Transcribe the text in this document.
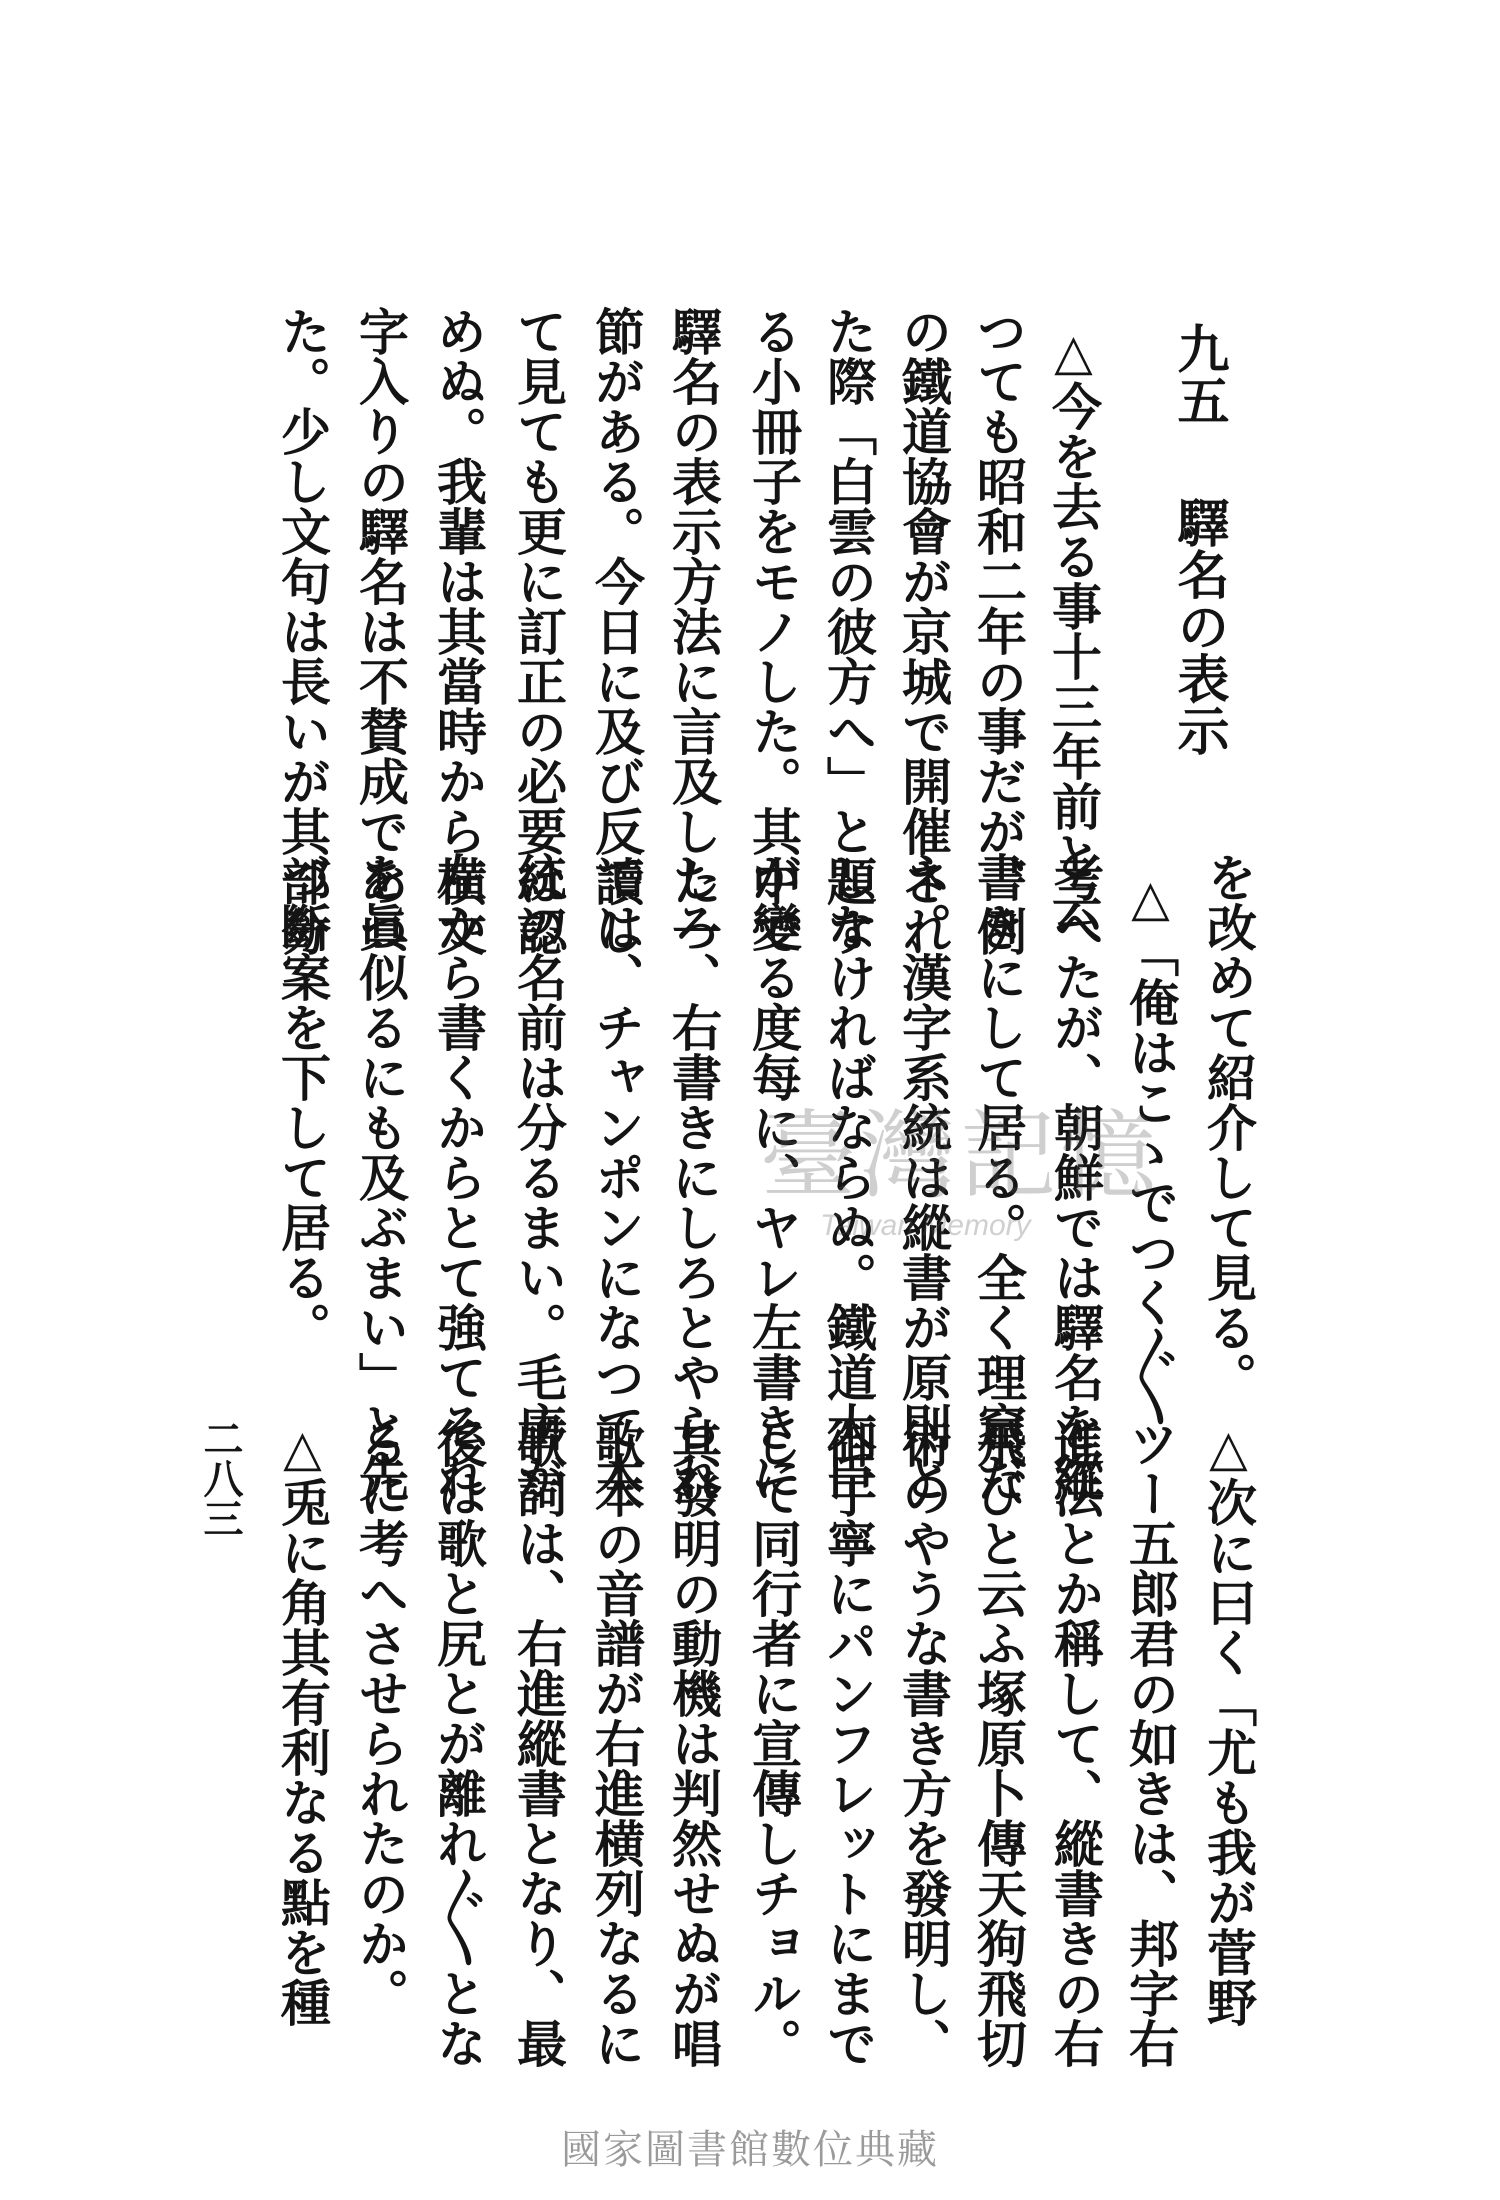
九五驛名の表示
△今を去る事十三年前と云
つても昭和二年の事だが、例
の鐵道協會が京城で開催され
た際「白雲の彼方へ」と題す
る小冊子をモノした。其中で
驛名の表示方法に言及した一
節がある。今日に及び反讀し
て見ても更に訂正の必要は認
めぬ。我輩は其當時から横文
字入りの驛名は不賛成であつ
た。少し文句は長いが其部分
を改めて紹介して見る。
△「俺はこゝでつく〴〵
考へたが、朝鮮では驛名を縱
書きにして居る。全く理窟だ
ネ。漢字系統は縱書が原則と
しなければならぬ。鐵道大臣
が變る度每に、ヤレ左書きに
しろ、右書きにしろとやられ
ては、チャンポンになつて本
統の名前は分るまい。毛唐が
左から書くからとて強てそれ
を眞似るにも及ぶまい」と先
づ斷案を下して居る。
△次に曰く「尤も我が菅野
ツー五郎君の如きは、邦字右
進法とか稱して、縱書きの右
飛びと云ふ塚原卜傳天狗飛切
術のやうな書き方を發明し、
御丁寧にパンフレットにまで
して同行者に宣傳しチョル。
其發明の動機は判然せぬが唱
歌本の音譜が右進横列なるに
歌詞は、右進縱書となり、最
後は歌と尻とが離れ〴〵とな
るに考へさせられたのか。
△兎に角其有利なる點を種
二八三
臺灣記憶
Taiwan Memory
國家圖書館數位典藏
